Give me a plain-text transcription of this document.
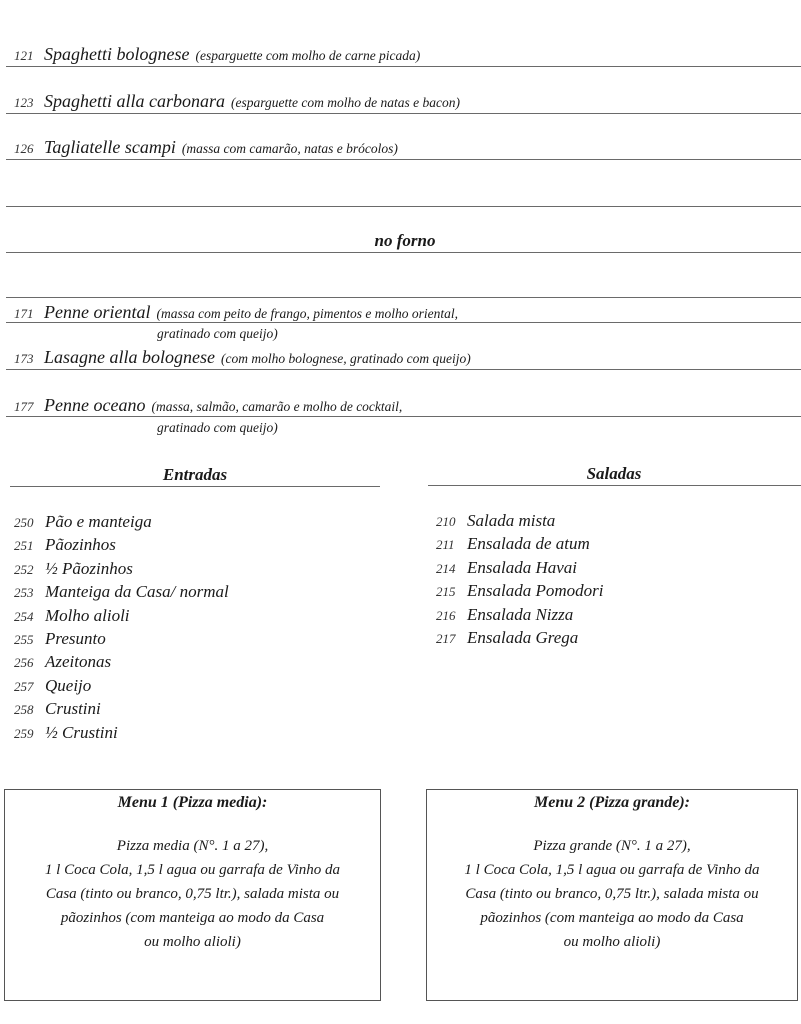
121 Spaghetti bolognese (esparguette com molho de carne picada)
123 Spaghetti alla carbonara (esparguette com molho de natas e bacon)
126 Tagliatelle scampi (massa com camarão, natas e brócolos)
no forno
171 Penne oriental (massa com peito de frango, pimentos e molho oriental,
gratinado com queijo)
173 Lasagne alla bolognese (com molho bolognese, gratinado com queijo)
177 Penne oceano (massa, salmão, camarão e molho de cocktail,
gratinado com queijo)
Entradas	Saladas
250 Pão e manteiga
251 Pãozinhos
252 ½ Pãozinhos
253 Manteiga da Casa/ normal
254 Molho alioli
255 Presunto
256 Azeitonas
257 Queijo
258 Crustini
259 ½ Crustini
210 Salada mista
211 Ensalada de atum
214 Ensalada Havai
215 Ensalada Pomodori
216 Ensalada Nizza
217 Ensalada Grega
Menu 1 (Pizza media):
Pizza media (N°. 1 a 27),
1 l Coca Cola, 1,5 l agua ou garrafa de Vinho da
Casa (tinto ou branco, 0,75 ltr.), salada mista ou
pãozinhos (com manteiga ao modo da Casa
ou molho alioli)
Menu 2 (Pizza grande):
Pizza grande (N°. 1 a 27),
1 l Coca Cola, 1,5 l agua ou garrafa de Vinho da
Casa (tinto ou branco, 0,75 ltr.), salada mista ou
pãozinhos (com manteiga ao modo da Casa
ou molho alioli)
